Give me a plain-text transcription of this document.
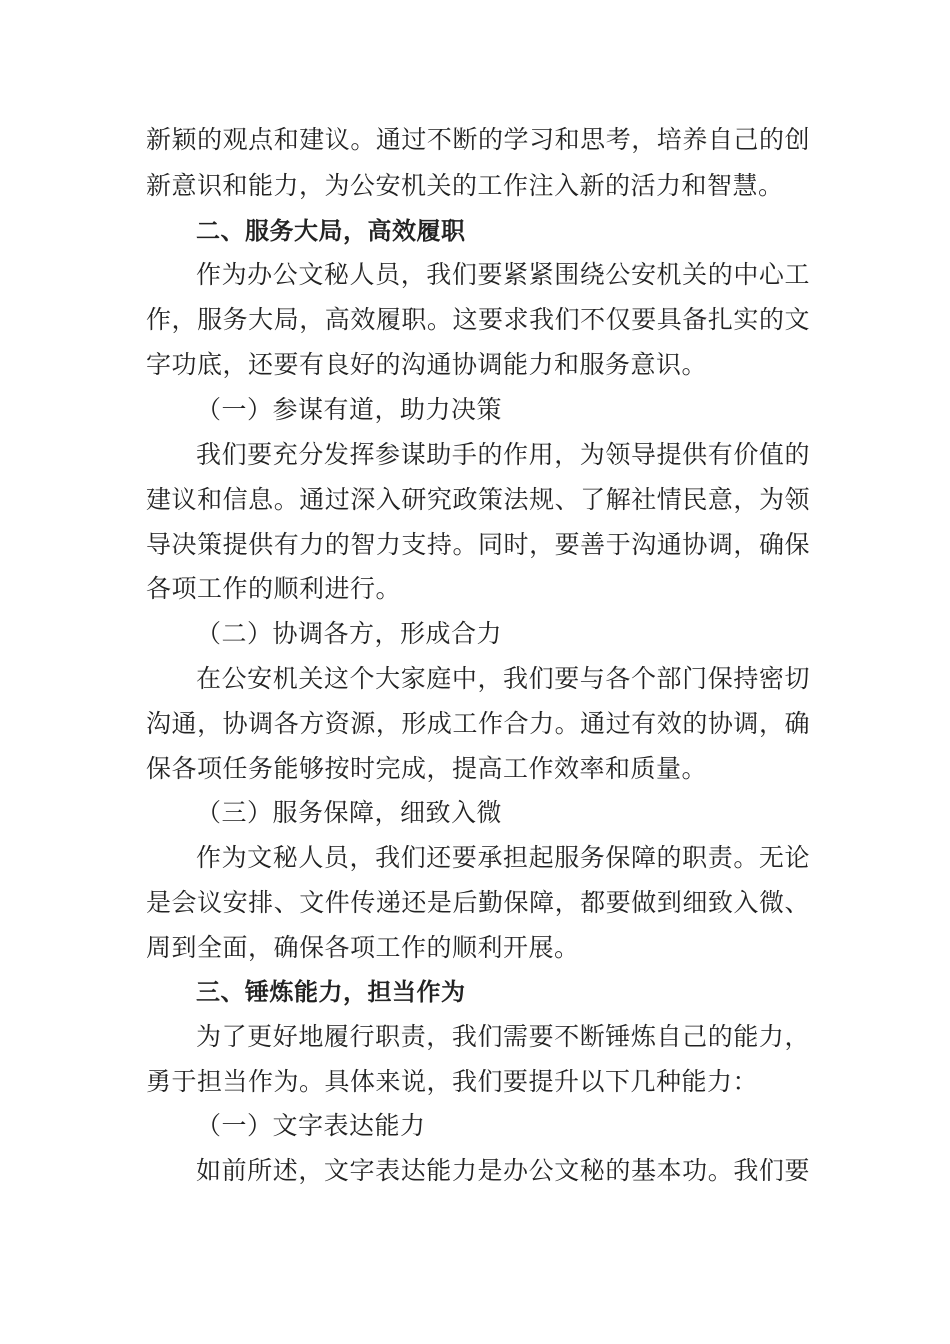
新颖的观点和建议。通过不断的学习和思考，培养自己的创
新意识和能力，为公安机关的工作注入新的活力和智慧。
二、服务大局，高效履职
作为办公文秘人员，我们要紧紧围绕公安机关的中心工
作，服务大局，高效履职。这要求我们不仅要具备扎实的文
字功底，还要有良好的沟通协调能力和服务意识。
（一）参谋有道，助力决策
我们要充分发挥参谋助手的作用，为领导提供有价值的
建议和信息。通过深入研究政策法规、了解社情民意，为领
导决策提供有力的智力支持。同时，要善于沟通协调，确保
各项工作的顺利进行。
（二）协调各方，形成合力
在公安机关这个大家庭中，我们要与各个部门保持密切
沟通，协调各方资源，形成工作合力。通过有效的协调，确
保各项任务能够按时完成，提高工作效率和质量。
（三）服务保障，细致入微
作为文秘人员，我们还要承担起服务保障的职责。无论
是会议安排、文件传递还是后勤保障，都要做到细致入微、
周到全面，确保各项工作的顺利开展。
三、锤炼能力，担当作为
为了更好地履行职责，我们需要不断锤炼自己的能力，
勇于担当作为。具体来说，我们要提升以下几种能力：
（一）文字表达能力
如前所述，文字表达能力是办公文秘的基本功。我们要
